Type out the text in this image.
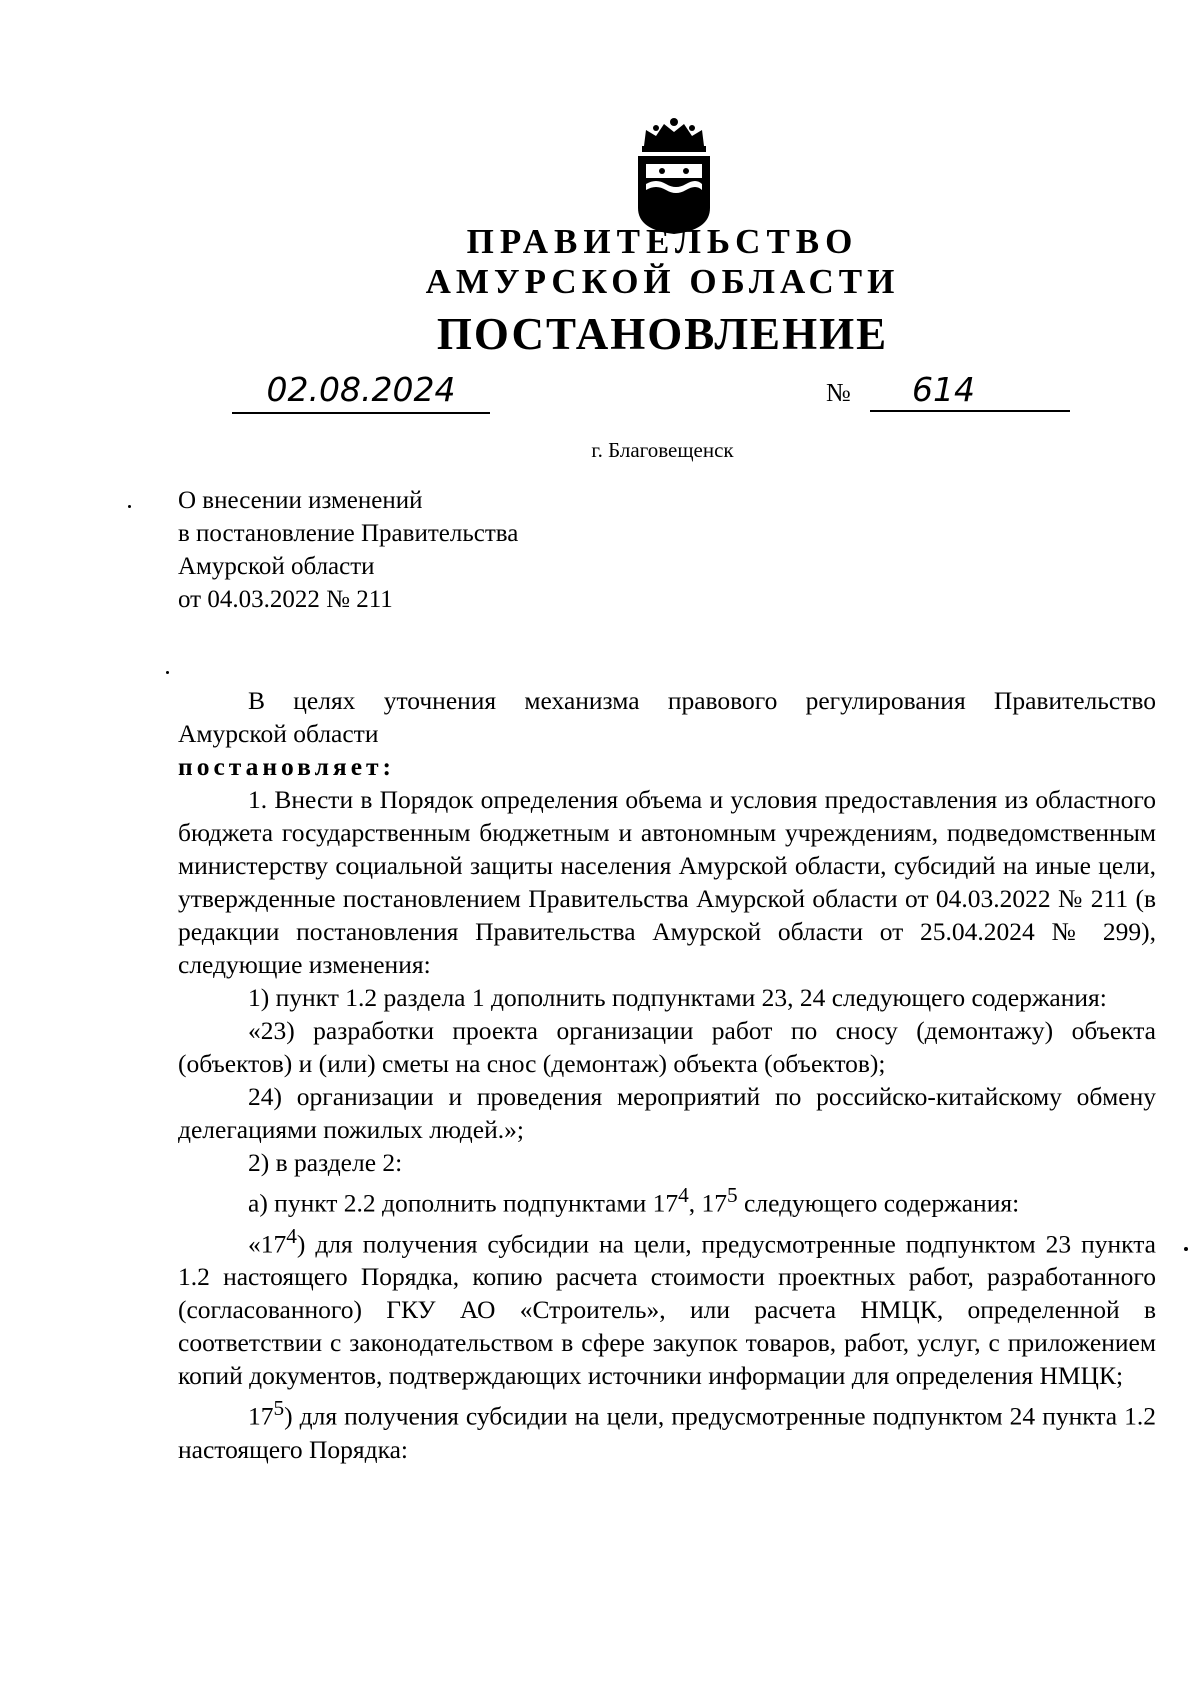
ПРАВИТЕЛЬСТВО
АМУРСКОЙ ОБЛАСТИ
ПОСТАНОВЛЕНИЕ
02.08.2024	№	614
г. Благовещенск
О внесении изменений
в постановление Правительства
Амурской области
от 04.03.2022 № 211

В целях уточнения механизма правового регулирования Правительство

Амурской области

постановляет:

1. Внести в Порядок определения объема и условия предоставления из областного бюджета государственным бюджетным и автономным учреждениям, подведомственным министерству социальной защиты населения Амурской области, субсидий на иные цели, утвержденные постановлением Правительства Амурской области от 04.03.2022 № 211 (в редакции постановления Правительства Амурской области от 25.04.2024 № 299), следующие изменения:

1) пункт 1.2 раздела 1 дополнить подпунктами 23, 24 следующего содержания:

«23) разработки проекта организации работ по сносу (демонтажу) объекта (объектов) и (или) сметы на снос (демонтаж) объекта (объектов);

24) организации и проведения мероприятий по российско-китайскому обмену делегациями пожилых людей.»;

2) в разделе 2:

а) пункт 2.2 дополнить подпунктами $17^4$, $17^5$ следующего содержания:

«$17^4$) для получения субсидии на цели, предусмотренные подпунктом 23 пункта 1.2 настоящего Порядка, копию расчета стоимости проектных работ, разработанного (согласованного) ГКУ АО «Строитель», или расчета НМЦК, определенной в соответствии с законодательством в сфере закупок товаров, работ, услуг, с приложением копий документов, подтверждающих источники информации для определения НМЦК;

$17^5$) для получения субсидии на цели, предусмотренные подпунктом 24 пункта 1.2 настоящего Порядка:
